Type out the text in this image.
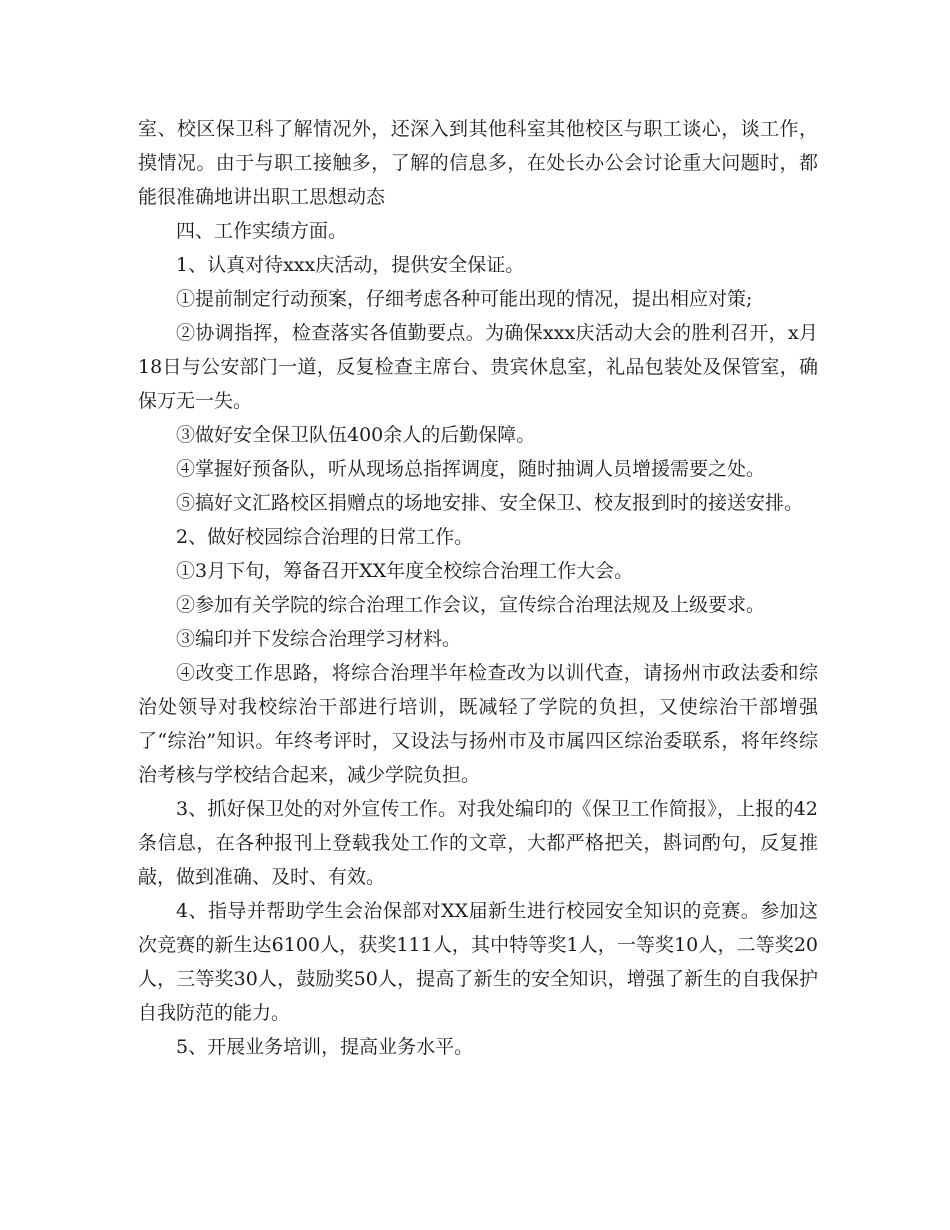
室、校区保卫科了解情况外，还深入到其他科室其他校区与职工谈心，谈工作，摸情况。由于与职工接触多，了解的信息多，在处长办公会讨论重大问题时，都能很准确地讲出职工思想动态

四、工作实绩方面。

1、认真对待xxx庆活动，提供安全保证。

①提前制定行动预案，仔细考虑各种可能出现的情况，提出相应对策;

②协调指挥，检查落实各值勤要点。为确保xxx庆活动大会的胜利召开，x月18日与公安部门一道，反复检查主席台、贵宾休息室，礼品包装处及保管室，确保万无一失。

③做好安全保卫队伍400余人的后勤保障。

④掌握好预备队，听从现场总指挥调度，随时抽调人员增援需要之处。

⑤搞好文汇路校区捐赠点的场地安排、安全保卫、校友报到时的接送安排。

2、做好校园综合治理的日常工作。

①3月下旬，筹备召开XX年度全校综合治理工作大会。

②参加有关学院的综合治理工作会议，宣传综合治理法规及上级要求。

③编印并下发综合治理学习材料。

④改变工作思路，将综合治理半年检查改为以训代查，请扬州市政法委和综治处领导对我校综治干部进行培训，既减轻了学院的负担，又使综治干部增强了“综治”知识。年终考评时，又设法与扬州市及市属四区综治委联系，将年终综治考核与学校结合起来，减少学院负担。

3、抓好保卫处的对外宣传工作。对我处编印的《保卫工作简报》，上报的42条信息，在各种报刊上登载我处工作的文章，大都严格把关，斟词酌句，反复推敲，做到准确、及时、有效。

4、指导并帮助学生会治保部对XX届新生进行校园安全知识的竞赛。参加这次竞赛的新生达6100人，获奖111人，其中特等奖1人，一等奖10人，二等奖20人，三等奖30人，鼓励奖50人，提高了新生的安全知识，增强了新生的自我保护自我防范的能力。

5、开展业务培训，提高业务水平。
